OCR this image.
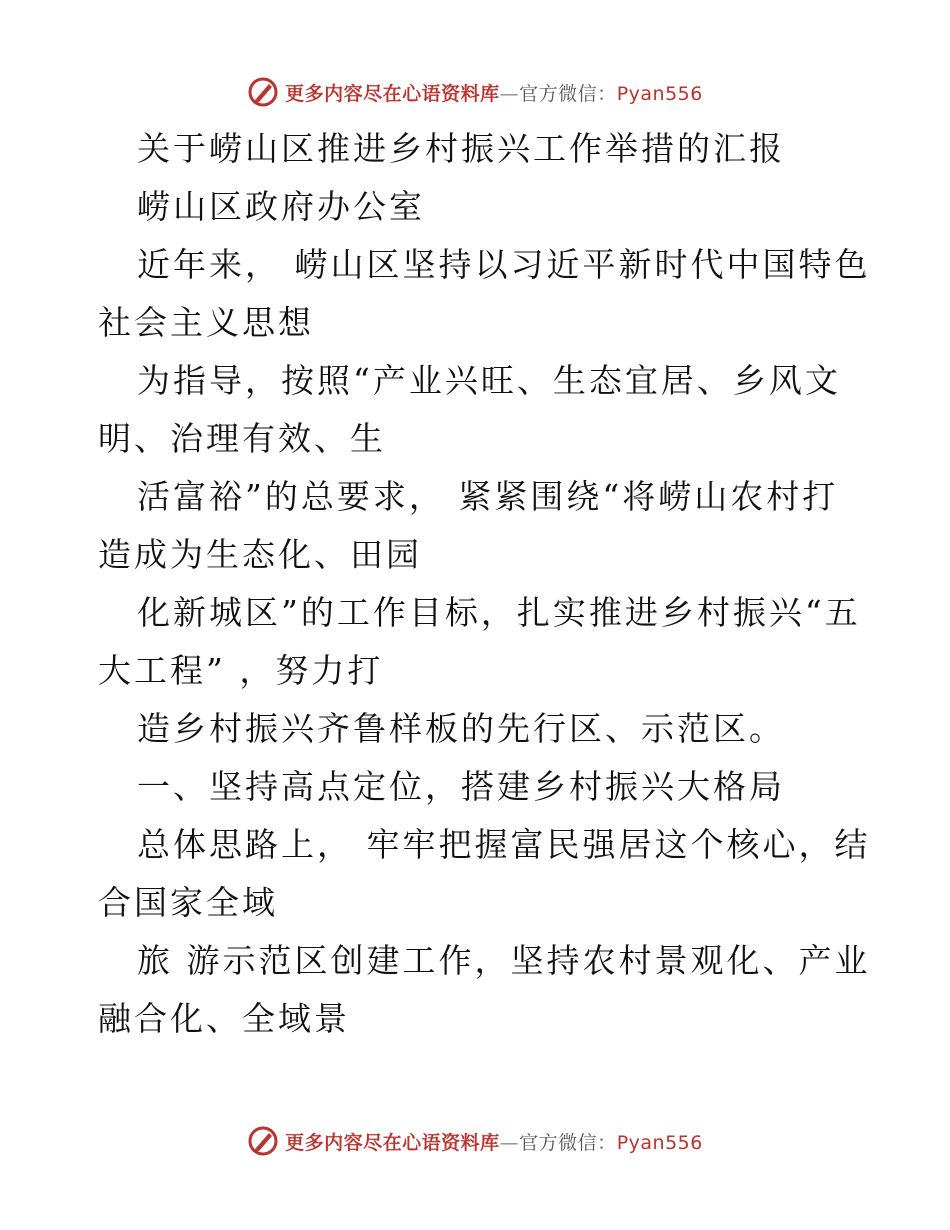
更多内容尽在心语资料库—官方微信：Pyan556
关于崂山区推进乡村振兴工作举措的汇报
崂山区政府办公室
近年来， 崂山区坚持以习近平新时代中国特色
社会主义思想
为指导，按照“产业兴旺、生态宜居、乡风文
明、治理有效、生
活富裕”的总要求， 紧紧围绕“将崂山农村打
造成为生态化、田园
化新城区”的工作目标，扎实推进乡村振兴“五
大工程” ，努力打
造乡村振兴齐鲁样板的先行区、示范区。
一、坚持高点定位，搭建乡村振兴大格局
总体思路上， 牢牢把握富民强居这个核心，结
合国家全域
旅 游示范区创建工作，坚持农村景观化、产业
融合化、全域景
更多内容尽在心语资料库—官方微信：Pyan556
